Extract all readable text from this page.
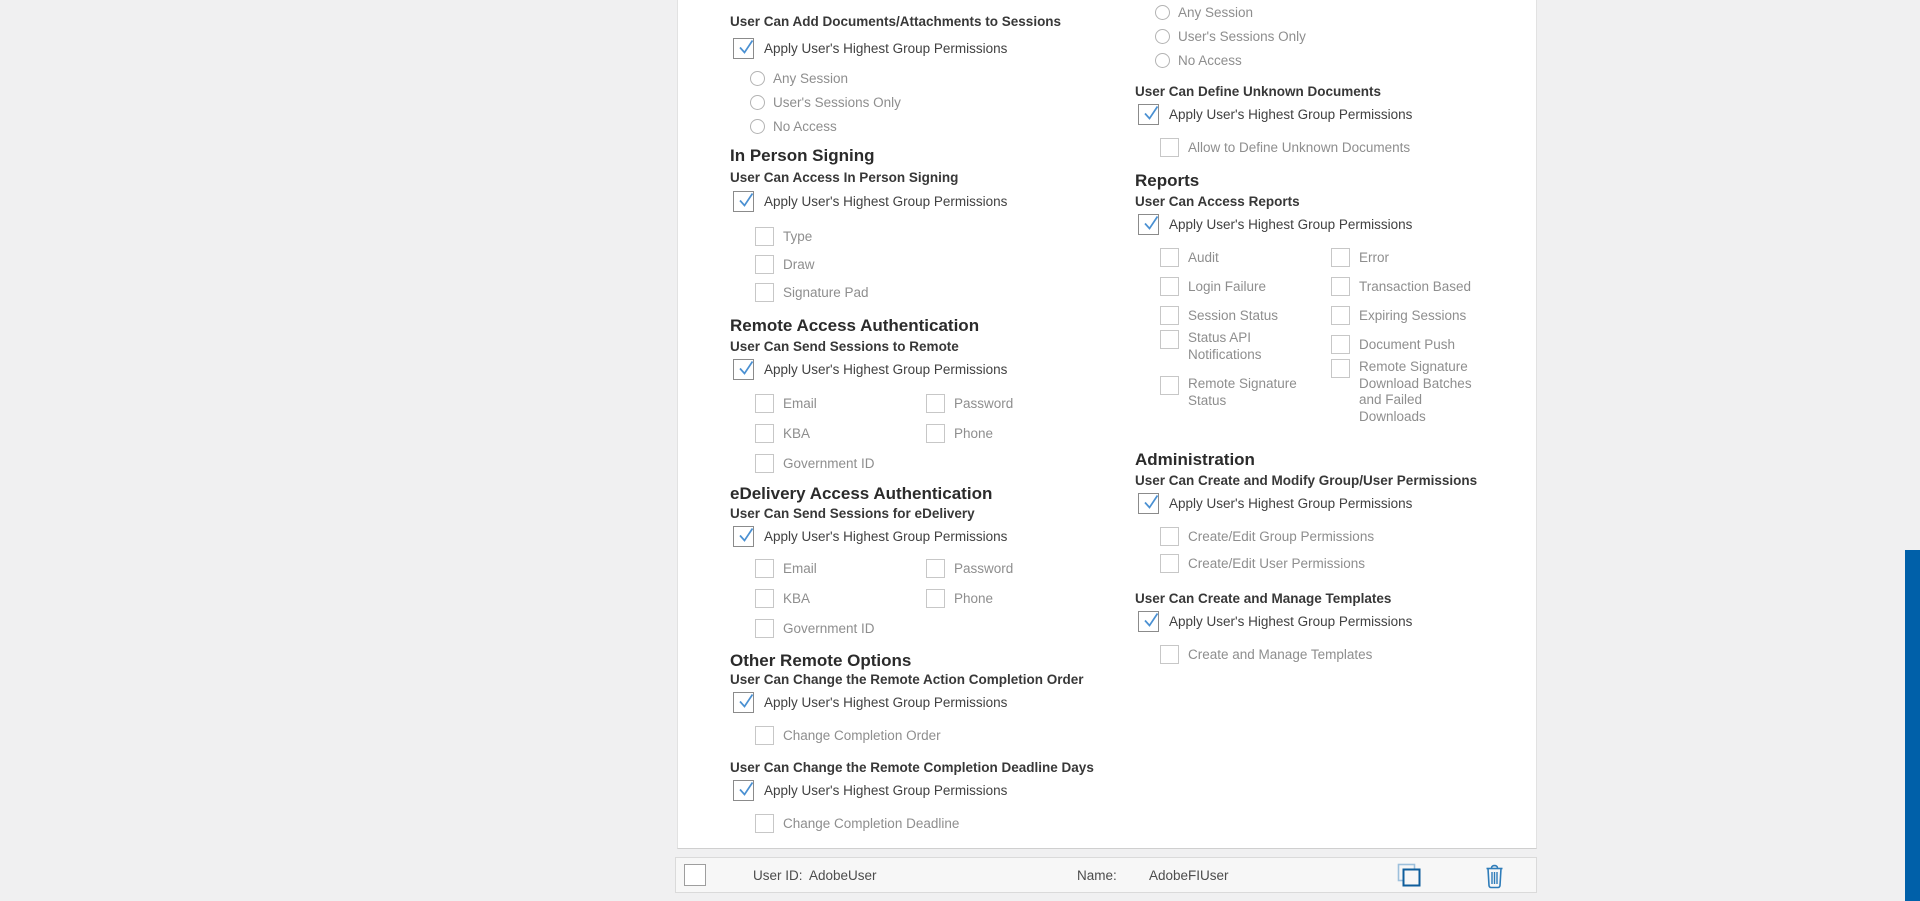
User Can Add Documents/Attachments to Sessions
Apply User's Highest Group Permissions
Any Session
User's Sessions Only
No Access
In Person Signing
User Can Access In Person Signing
Apply User's Highest Group Permissions
Type
Draw
Signature Pad
Remote Access Authentication
User Can Send Sessions to Remote
Apply User's Highest Group Permissions
Email
KBA
Government ID
Password
Phone
eDelivery Access Authentication
User Can Send Sessions for eDelivery
Apply User's Highest Group Permissions
Email
KBA
Government ID
Password
Phone
Other Remote Options
User Can Change the Remote Action Completion Order
Apply User's Highest Group Permissions
Change Completion Order
User Can Change the Remote Completion Deadline Days
Apply User's Highest Group Permissions
Change Completion Deadline
Any Session
User's Sessions Only
No Access
User Can Define Unknown Documents
Apply User's Highest Group Permissions
Allow to Define Unknown Documents
Reports
User Can Access Reports
Apply User's Highest Group Permissions
Audit
Login Failure
Session Status
Status API Notifications
Remote Signature Status
Error
Transaction Based
Expiring Sessions
Document Push
Remote Signature Download Batches and Failed Downloads
Administration
User Can Create and Modify Group/User Permissions
Apply User's Highest Group Permissions
Create/Edit Group Permissions
Create/Edit User Permissions
User Can Create and Manage Templates
Apply User's Highest Group Permissions
Create and Manage Templates
User ID: AdobeUser	Name: AdobeFIUser
